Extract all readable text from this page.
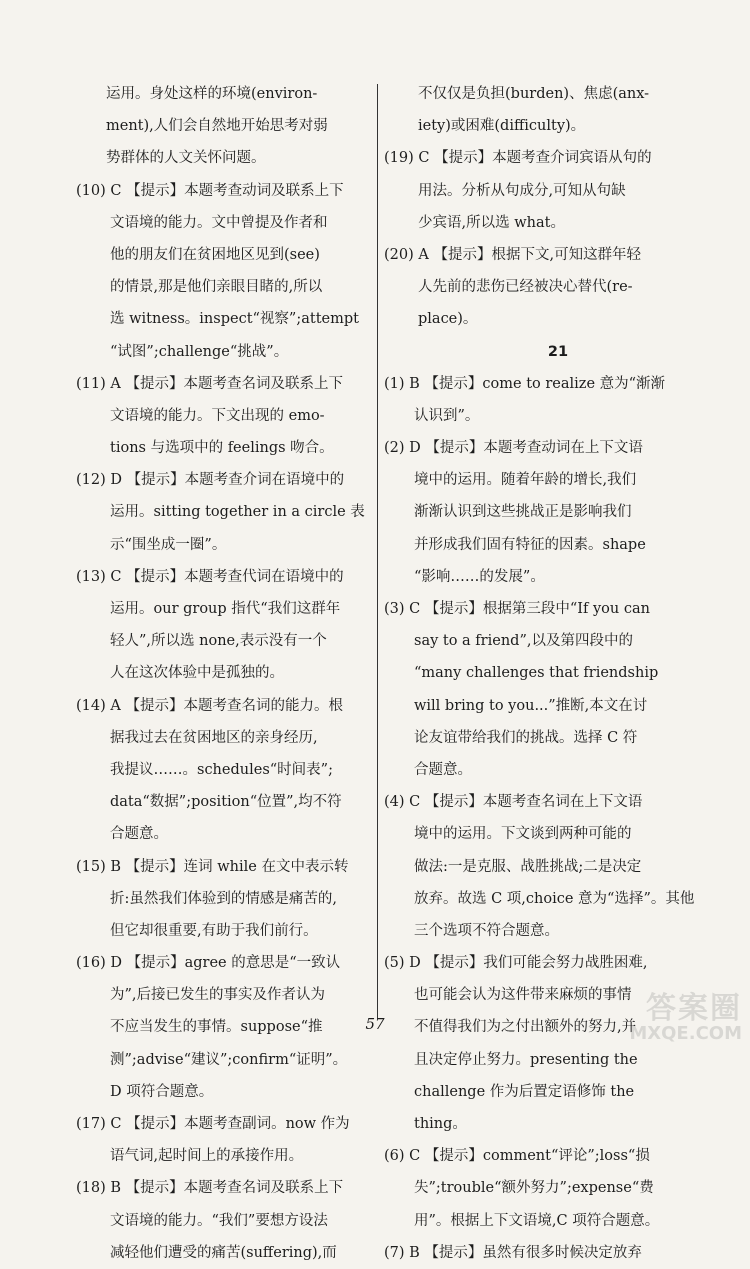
运用。身处这样的环境(environ-
ment),人们会自然地开始思考对弱
势群体的人文关怀问题。
(10) C 【提示】本题考查动词及联系上下
文语境的能力。文中曾提及作者和
他的朋友们在贫困地区见到(see)
的情景,那是他们亲眼目睹的,所以
选 witness。inspect“视察”;attempt
“试图”;challenge“挑战”。
(11) A 【提示】本题考查名词及联系上下
文语境的能力。下文出现的 emo-
tions 与选项中的 feelings 吻合。
(12) D 【提示】本题考查介词在语境中的
运用。sitting together in a circle 表
示“围坐成一圈”。
(13) C 【提示】本题考查代词在语境中的
运用。our group 指代“我们这群年
轻人”,所以选 none,表示没有一个
人在这次体验中是孤独的。
(14) A 【提示】本题考查名词的能力。根
据我过去在贫困地区的亲身经历,
我提议……。schedules“时间表”;
data“数据”;position“位置”,均不符
合题意。
(15) B 【提示】连词 while 在文中表示转
折:虽然我们体验到的情感是痛苦的,
但它却很重要,有助于我们前行。
(16) D 【提示】agree 的意思是“一致认
为”,后接已发生的事实及作者认为
不应当发生的事情。suppose“推
测”;advise“建议”;confirm“证明”。
D 项符合题意。
(17) C 【提示】本题考查副词。now 作为
语气词,起时间上的承接作用。
(18) B 【提示】本题考查名词及联系上下
文语境的能力。“我们”要想方设法
减轻他们遭受的痛苦(suffering),而
不仅仅是负担(burden)、焦虑(anx-
iety)或困难(difficulty)。
(19) C 【提示】本题考查介词宾语从句的
用法。分析从句成分,可知从句缺
少宾语,所以选 what。
(20) A 【提示】根据下文,可知这群年轻
人先前的悲伤已经被决心替代(re-
place)。
21
(1) B 【提示】come to realize 意为“渐渐
认识到”。
(2) D 【提示】本题考查动词在上下文语
境中的运用。随着年龄的增长,我们
渐渐认识到这些挑战正是影响我们
并形成我们固有特征的因素。shape
“影响……的发展”。
(3) C 【提示】根据第三段中“If you can
say to a friend”,以及第四段中的
“many challenges that friendship
will bring to you...”推断,本文在讨
论友谊带给我们的挑战。选择 C 符
合题意。
(4) C 【提示】本题考查名词在上下文语
境中的运用。下文谈到两种可能的
做法:一是克服、战胜挑战;二是决定
放弃。故选 C 项,choice 意为“选择”。其他
三个选项不符合题意。
(5) D 【提示】我们可能会努力战胜困难,
也可能会认为这件带来麻烦的事情
不值得我们为之付出额外的努力,并
且决定停止努力。presenting the
challenge 作为后置定语修饰 the
thing。
(6) C 【提示】comment“评论”;loss“损
失”;trouble“额外努力”;expense“费
用”。根据上下文语境,C 项符合题意。
(7) B 【提示】虽然有很多时候决定放弃
57	答案圈
MXQE.COM
